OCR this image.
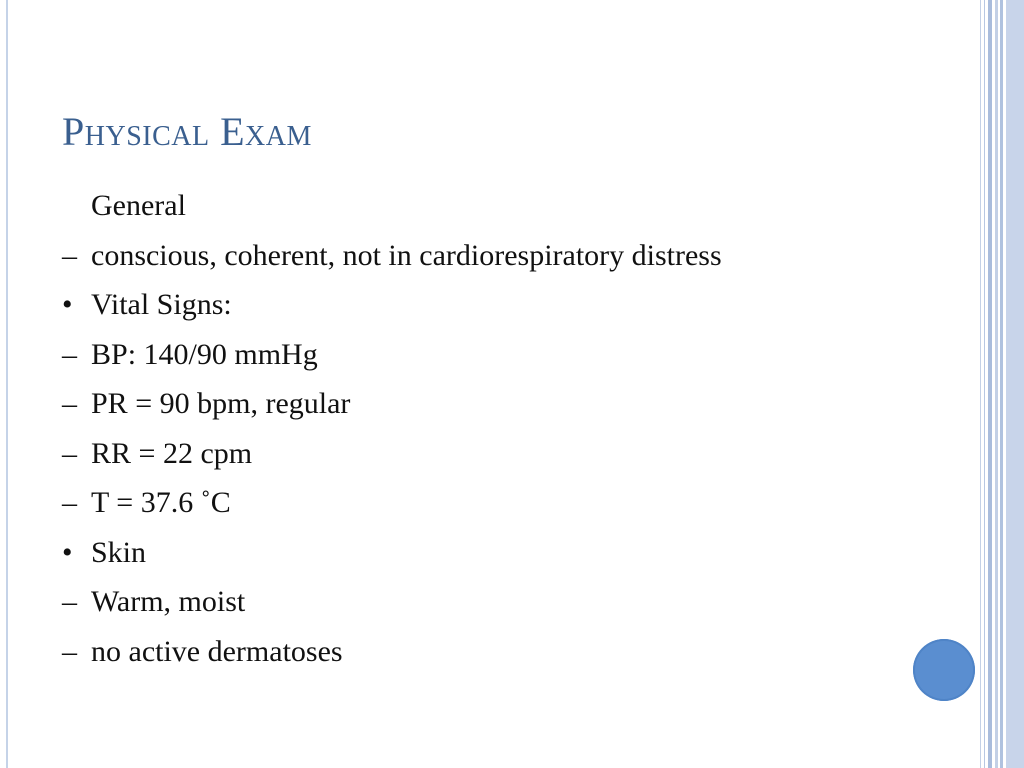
Physical Exam
General
– conscious, coherent, not in cardiorespiratory distress
• Vital Signs:
– BP: 140/90 mmHg
– PR = 90 bpm, regular
– RR = 22 cpm
– T = 37.6 ˚C
• Skin
– Warm, moist
– no active dermatoses
